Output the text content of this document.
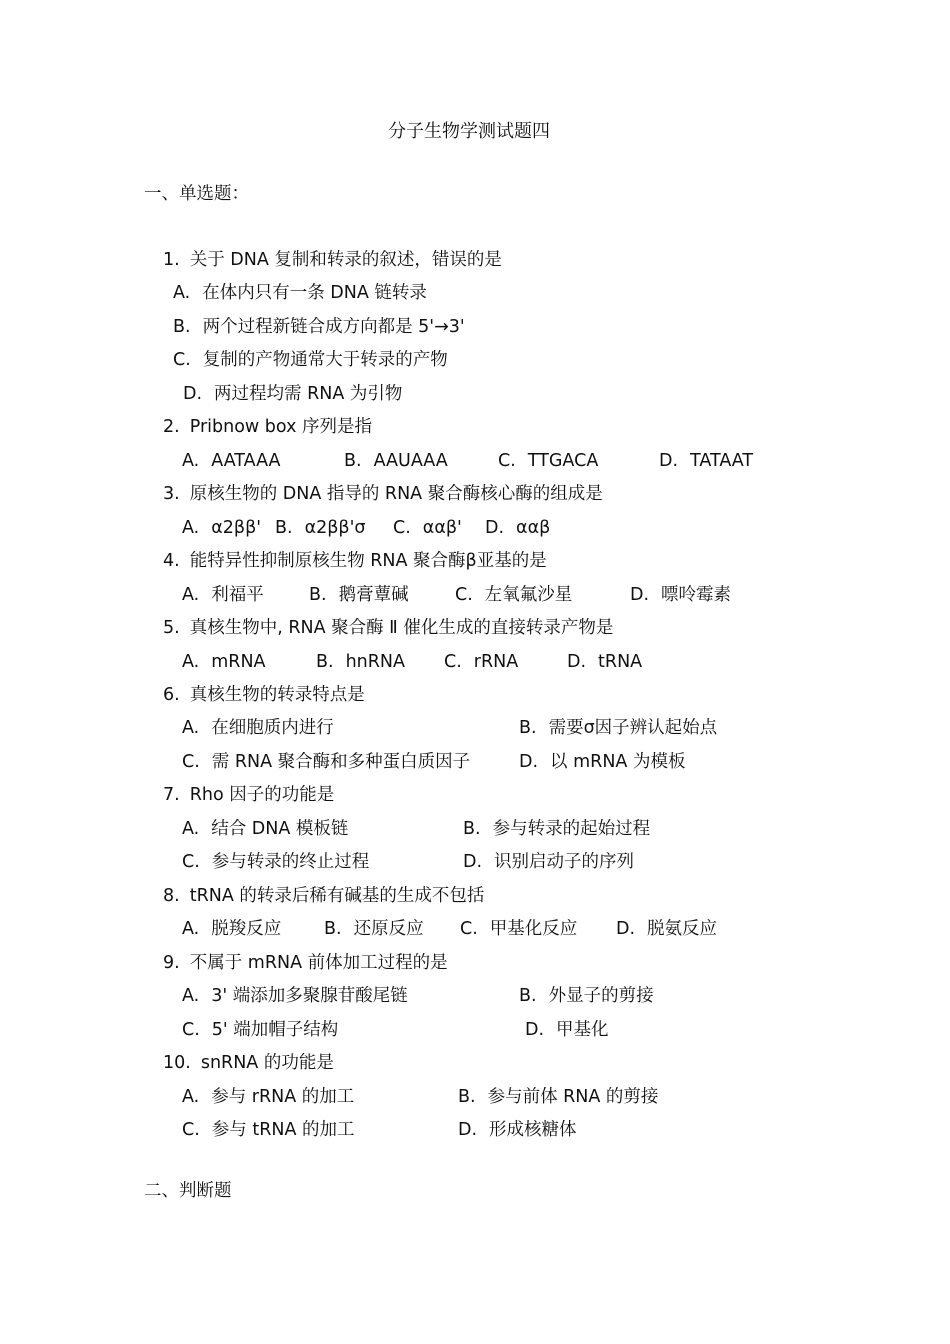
分子生物学测试题四
一、单选题：
1. 关于 DNA 复制和转录的叙述，错误的是
A. 在体内只有一条 DNA 链转录
B. 两个过程新链合成方向都是 5'→3'
C. 复制的产物通常大于转录的产物
D. 两过程均需 RNA 为引物
2. Pribnow box 序列是指
A. AATAAA	B. AAUAAA	C. TTGACA	D. TATAAT
3. 原核生物的 DNA 指导的 RNA 聚合酶核心酶的组成是
A. α2ββ' B. α2ββ'σ C. ααβ' D. ααβ
4. 能特异性抑制原核生物 RNA 聚合酶β亚基的是
A. 利福平	B. 鹅膏蕈碱	C. 左氧氟沙星	D. 嘌呤霉素
5. 真核生物中, RNA 聚合酶 Ⅱ 催化生成的直接转录产物是
A. mRNA	B. hnRNA C. rRNA	D. tRNA
6. 真核生物的转录特点是
A. 在细胞质内进行	B. 需要σ因子辨认起始点
C. 需 RNA 聚合酶和多种蛋白质因子	D. 以 mRNA 为模板
7. Rho 因子的功能是
A. 结合 DNA 模板链	B. 参与转录的起始过程
C. 参与转录的终止过程	D. 识别启动子的序列
8. tRNA 的转录后稀有碱基的生成不包括
A. 脱羧反应 B. 还原反应 C. 甲基化反应 D. 脱氨反应
9. 不属于 mRNA 前体加工过程的是
A. 3' 端添加多聚腺苷酸尾链	B. 外显子的剪接
C. 5' 端加帽子结构	D. 甲基化
10. snRNA 的功能是
A. 参与 rRNA 的加工	B. 参与前体 RNA 的剪接
C. 参与 tRNA 的加工	D. 形成核糖体
二、判断题
